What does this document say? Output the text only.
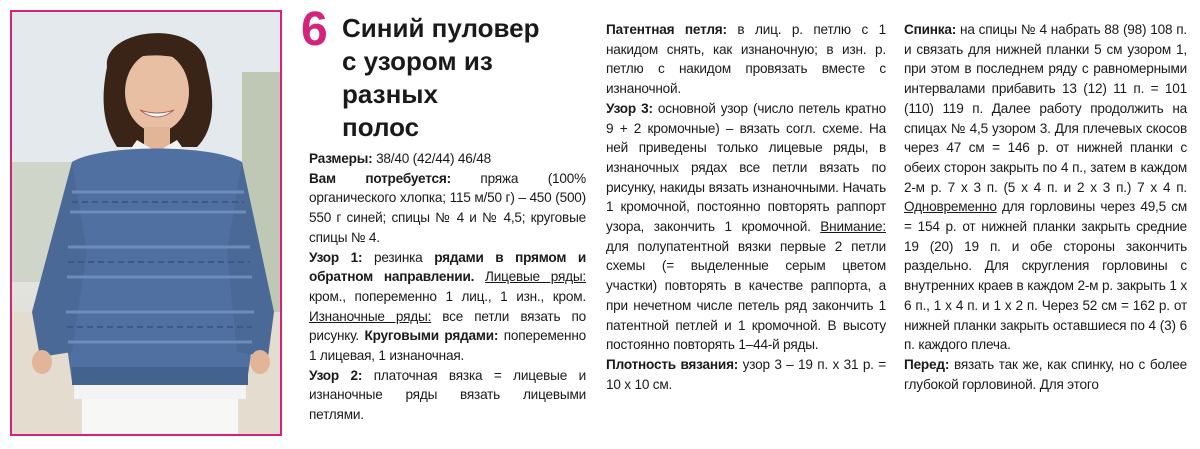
6 Синий пуловер
с узором из разных
полос

Размеры: 38/40 (42/44) 46/48

Вам потребуется: пряжа (100% органического хлопка; 115 м/50 г) – 450 (500) 550 г синей; спицы № 4 и № 4,5; круговые спицы № 4.

Узор 1: резинка рядами в прямом и обратном направлении. Лицевые ряды: кром., попеременно 1 лиц., 1 изн., кром. Изнаночные ряды: все петли вязать по рисунку. Круговыми рядами: попеременно 1 лицевая, 1 изнаночная.

Узор 2: платочная вязка = лицевые и изнаночные ряды вязать лицевыми петлями.

Патентная петля: в лиц. р. петлю с 1 накидом снять, как изнаночную; в изн. р. петлю с накидом провязать вместе с изнаночной.

Узор 3: основной узор (число петель кратно 9 + 2 кромочные) – вязать согл. схеме. На ней приведены только лицевые ряды, в изнаночных рядах все петли вязать по рисунку, накиды вязать изнаночными. Начать 1 кромочной, постоянно повторять раппорт узора, закончить 1 кромочной. Внимание: для полупатентной вязки первые 2 петли схемы (= выделенные серым цветом участки) повторять в качестве раппорта, а при нечетном числе петель ряд закончить 1 патентной петлей и 1 кромочной. В высоту постоянно повторять 1–44-й ряды.

Плотность вязания: узор 3 – 19 п. х 31 р. = 10 х 10 см.

Спинка: на спицы № 4 набрать 88 (98) 108 п. и связать для нижней планки 5 см узором 1, при этом в последнем ряду с равномерными интервалами прибавить 13 (12) 11 п. = 101 (110) 119 п. Далее работу продолжить на спицах № 4,5 узором 3. Для плечевых скосов через 47 см = 146 р. от нижней планки с обеих сторон закрыть по 4 п., затем в каждом 2-м р. 7 х 3 п. (5 х 4 п. и 2 х 3 п.) 7 х 4 п. Одновременно для горловины через 49,5 см = 154 р. от нижней планки закрыть средние 19 (20) 19 п. и обе стороны закончить раздельно. Для скругления горловины с внутренних краев в каждом 2-м р. закрыть 1 х 6 п., 1 х 4 п. и 1 х 2 п. Через 52 см = 162 р. от нижней планки закрыть оставшиеся по 4 (3) 6 п. каждого плеча.

Перед: вязать так же, как спинку, но с более глубокой горловиной. Для этого
